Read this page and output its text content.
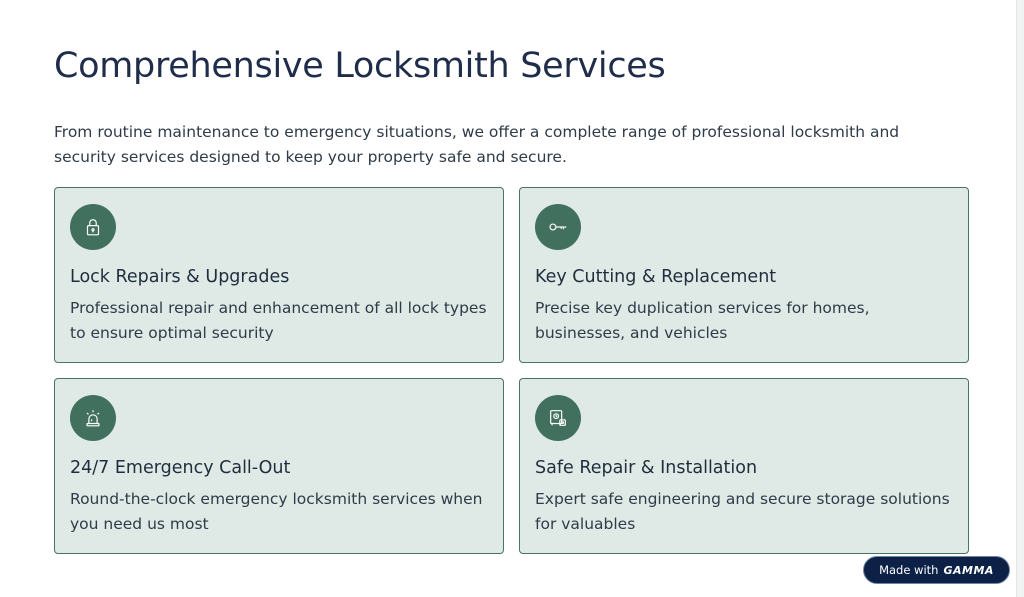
Comprehensive Locksmith Services

From routine maintenance to emergency situations, we offer a complete range of professional locksmith and security services designed to keep your property safe and secure.

Lock Repairs & Upgrades
Professional repair and enhancement of all lock types to ensure optimal security
Key Cutting & Replacement
Precise key duplication services for homes, businesses, and vehicles
24/7 Emergency Call-Out
Round-the-clock emergency locksmith services when you need us most
Safe Repair & Installation
Expert safe engineering and secure storage solutions for valuables
Made with GAMMA
